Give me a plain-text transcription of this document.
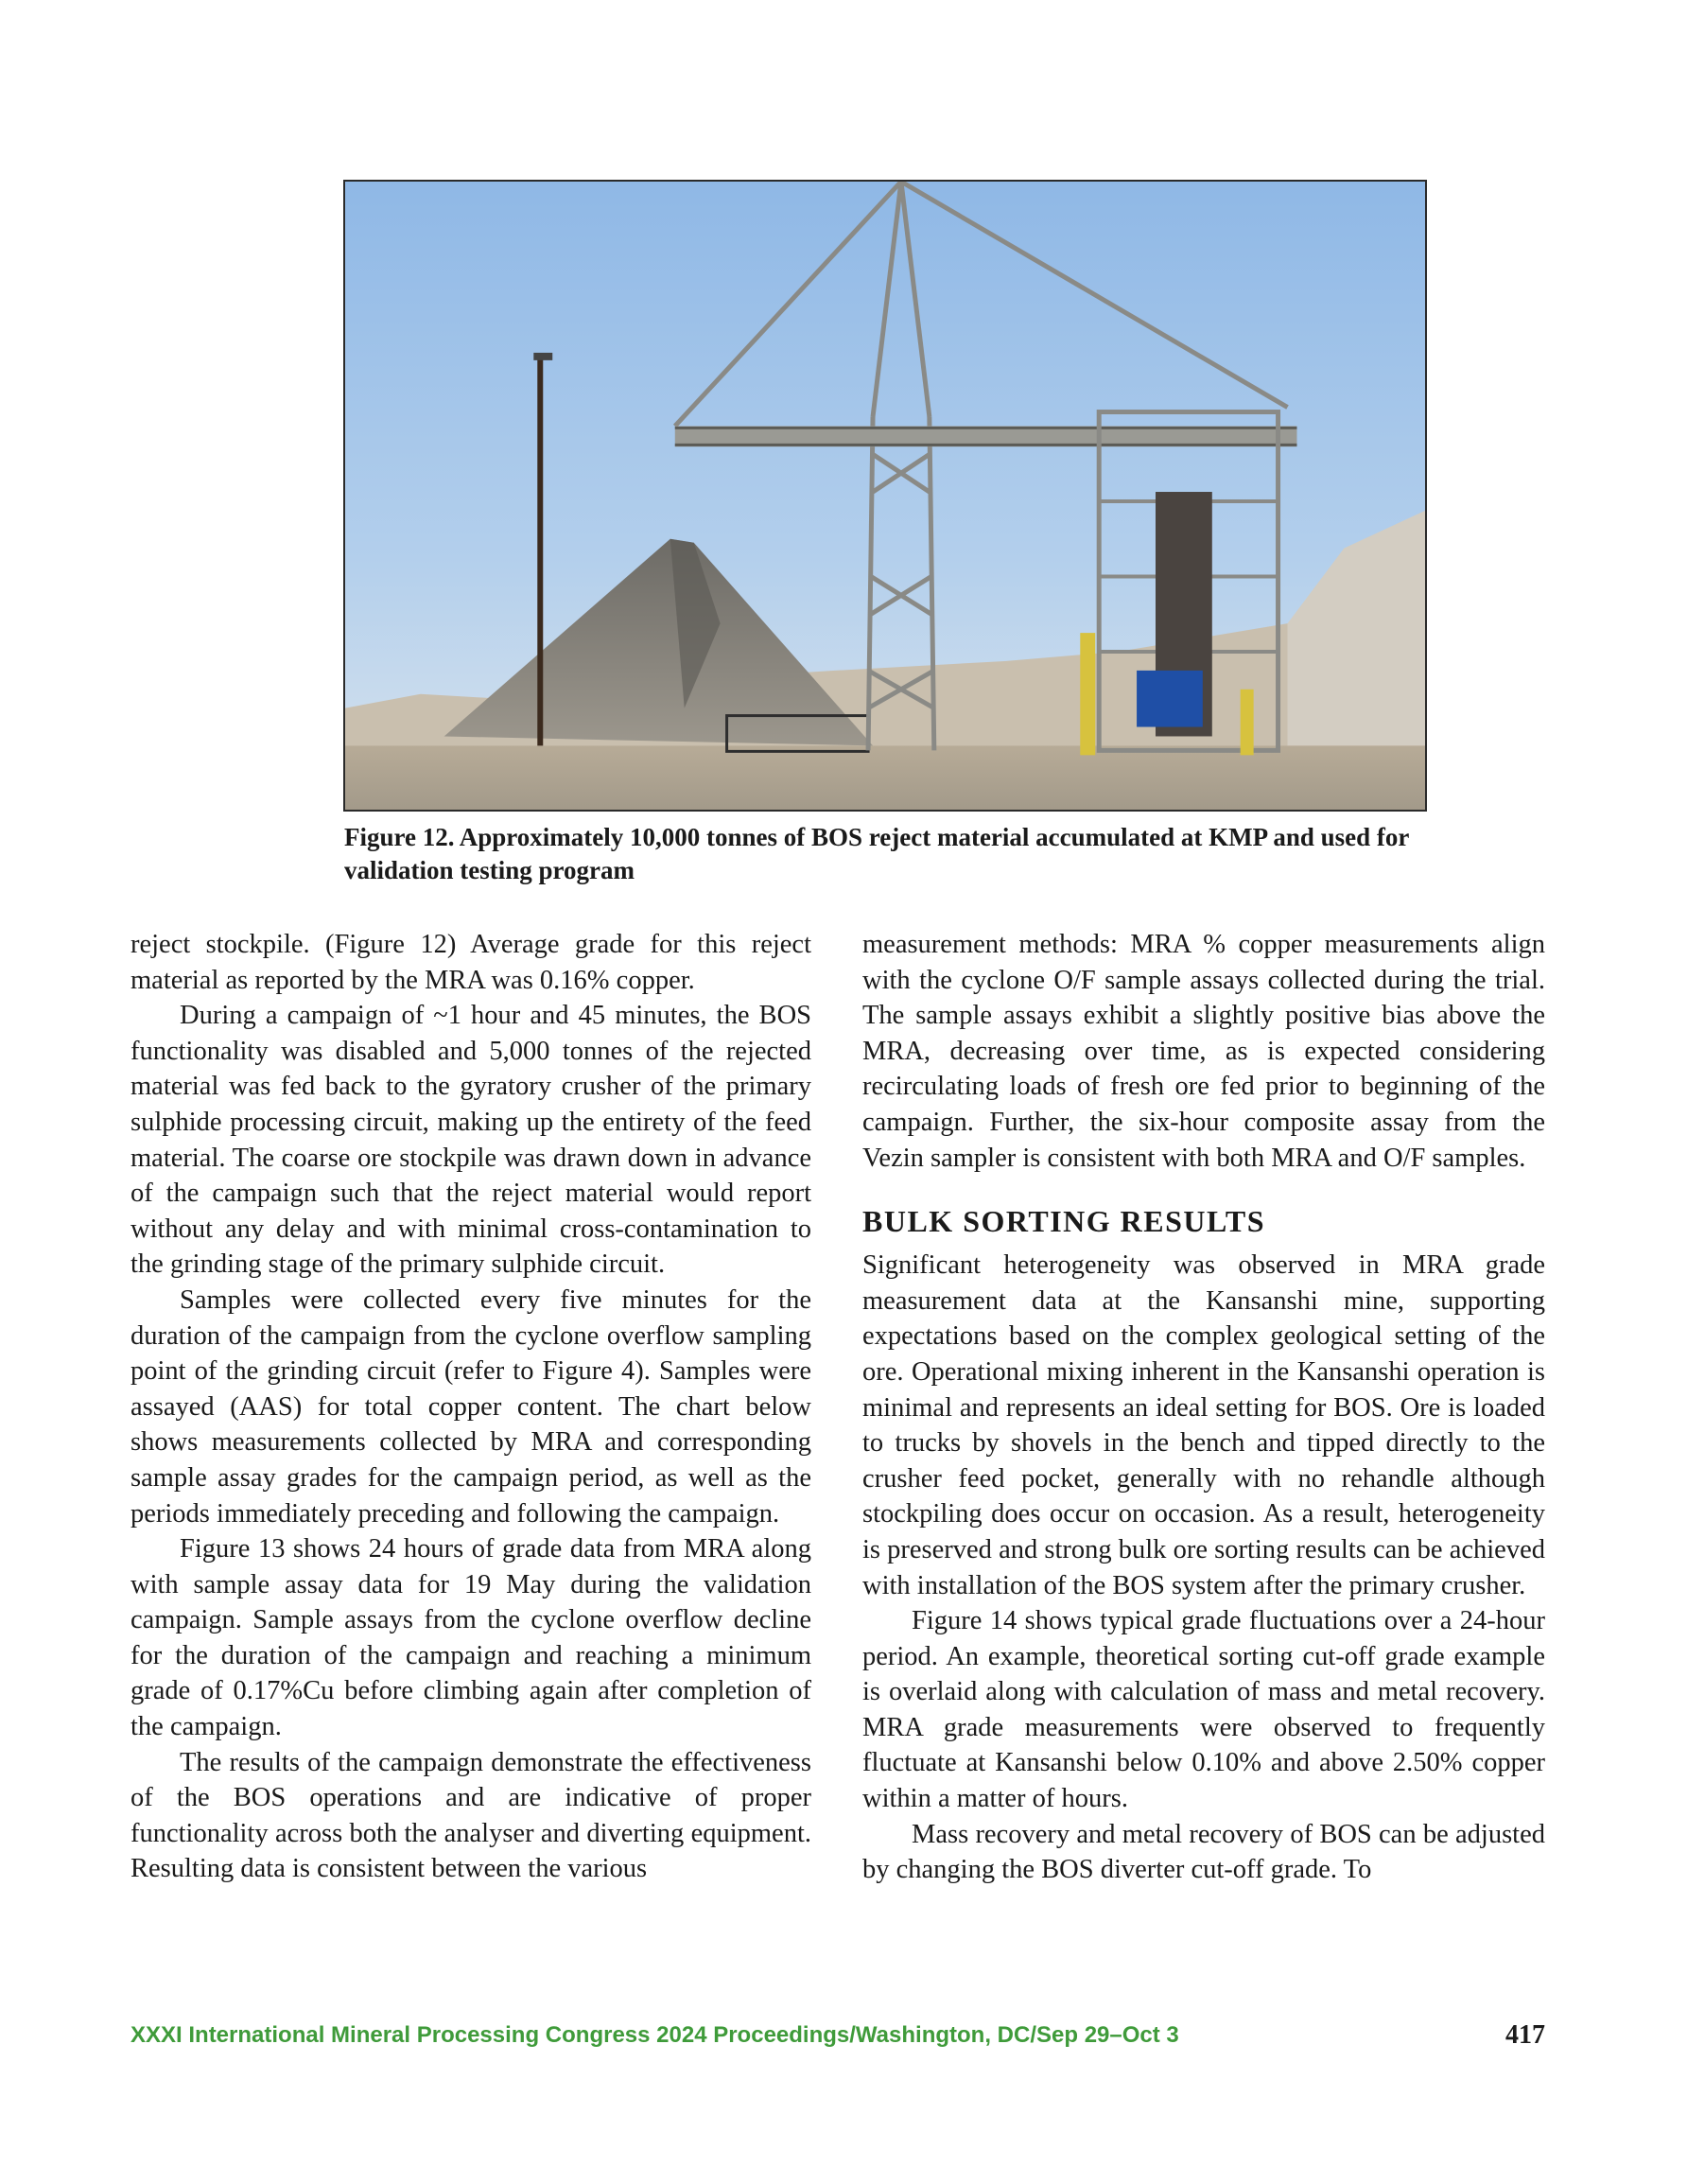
Figure 12. Approximately 10,000 tonnes of BOS reject material accumulated at KMP and used for validation testing program

reject stockpile. (Figure 12) Average grade for this reject material as reported by the MRA was 0.16% copper.

During a campaign of ~1 hour and 45 minutes, the BOS functionality was disabled and 5,000 tonnes of the rejected material was fed back to the gyratory crusher of the primary sulphide processing circuit, making up the entirety of the feed material. The coarse ore stockpile was drawn down in advance of the campaign such that the reject material would report without any delay and with minimal cross-contamination to the grinding stage of the primary sulphide circuit.

Samples were collected every five minutes for the duration of the campaign from the cyclone overflow sampling point of the grinding circuit (refer to Figure 4). Samples were assayed (AAS) for total copper content. The chart below shows measurements collected by MRA and corresponding sample assay grades for the campaign period, as well as the periods immediately preceding and following the campaign.

Figure 13 shows 24 hours of grade data from MRA along with sample assay data for 19 May during the validation campaign. Sample assays from the cyclone overflow decline for the duration of the campaign and reaching a minimum grade of 0.17%Cu before climbing again after completion of the campaign.

The results of the campaign demonstrate the effectiveness of the BOS operations and are indicative of proper functionality across both the analyser and diverting equipment. Resulting data is consistent between the various

measurement methods: MRA % copper measurements align with the cyclone O/F sample assays collected during the trial. The sample assays exhibit a slightly positive bias above the MRA, decreasing over time, as is expected considering recirculating loads of fresh ore fed prior to beginning of the campaign. Further, the six-hour composite assay from the Vezin sampler is consistent with both MRA and O/F samples.

BULK SORTING RESULTS

Significant heterogeneity was observed in MRA grade measurement data at the Kansanshi mine, supporting expectations based on the complex geological setting of the ore. Operational mixing inherent in the Kansanshi operation is minimal and represents an ideal setting for BOS. Ore is loaded to trucks by shovels in the bench and tipped directly to the crusher feed pocket, generally with no rehandle although stockpiling does occur on occasion. As a result, heterogeneity is preserved and strong bulk ore sorting results can be achieved with installation of the BOS system after the primary crusher.

Figure 14 shows typical grade fluctuations over a 24-hour period. An example, theoretical sorting cut-off grade example is overlaid along with calculation of mass and metal recovery. MRA grade measurements were observed to frequently fluctuate at Kansanshi below 0.10% and above 2.50% copper within a matter of hours.

Mass recovery and metal recovery of BOS can be adjusted by changing the BOS diverter cut-off grade. To

XXXI International Mineral Processing Congress 2024 Proceedings/Washington, DC/Sep 29–Oct 3	417
